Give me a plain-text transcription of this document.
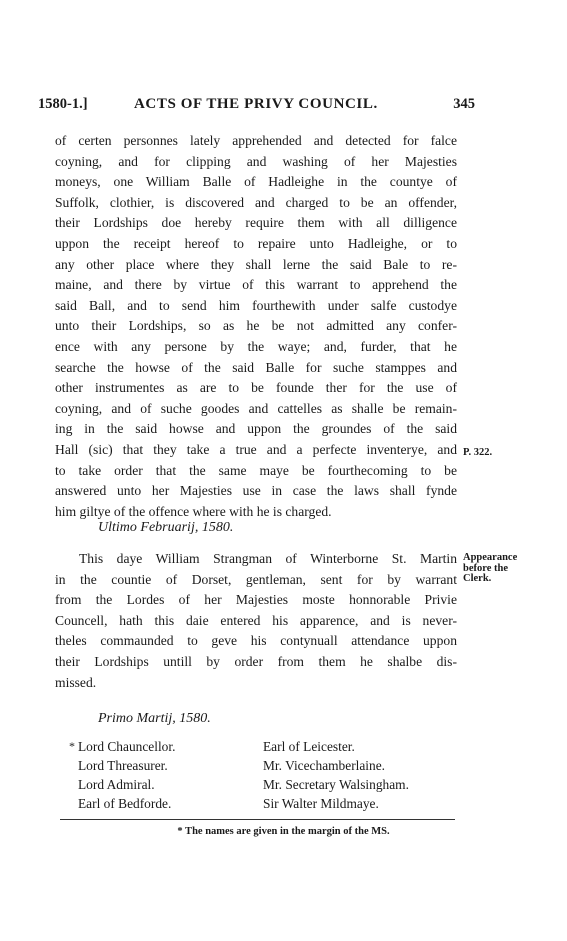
1580-1.]	ACTS OF THE PRIVY COUNCIL.	345
of certen personnes lately apprehended and detected for falce
coyning, and for clipping and washing of her Majesties
moneys, one William Balle of Hadleighe in the countye of
Suffolk, clothier, is discovered and charged to be an offender,
their Lordships doe hereby require them with all dilligence
uppon the receipt hereof to repaire unto Hadleighe, or to
any other place where they shall lerne the said Bale to re-
maine, and there by virtue of this warrant to apprehend the
said Ball, and to send him fourthewith under salfe custodye
unto their Lordships, so as he be not admitted any confer-
ence with any persone by the waye; and, furder, that he
searche the howse of the said Balle for suche stamppes and
other instrumentes as are to be founde ther for the use of
coyning, and of suche goodes and cattelles as shalle be remain-
ing in the said howse and uppon the groundes of the said
Hall (sic) that they take a true and a perfecte inventerye, and
to take order that the same maye be fourthecoming to be
answered unto her Majesties use in case the laws shall fynde
him giltye of the offence where with he is charged.
P. 322.
Ultimo Februarij, 1580.
This daye William Strangman of Winterborne St. Martin
in the countie of Dorset, gentleman, sent for by warrant
from the Lordes of her Majesties moste honnorable Privie
Councell, hath this daie entered his apparence, and is never-
theles commaunded to geve his contynuall attendance uppon
their Lordships untill by order from them he shalbe dis-
missed.
Appearance
before the
Clerk.
Primo Martij, 1580.
* Lord Chauncellor.	Earl of Leicester.
Lord Threasurer.	Mr. Vicechamberlaine.
Lord Admiral.	Mr. Secretary Walsingham.
Earl of Bedforde.	Sir Walter Mildmaye.
* The names are given in the margin of the MS.
